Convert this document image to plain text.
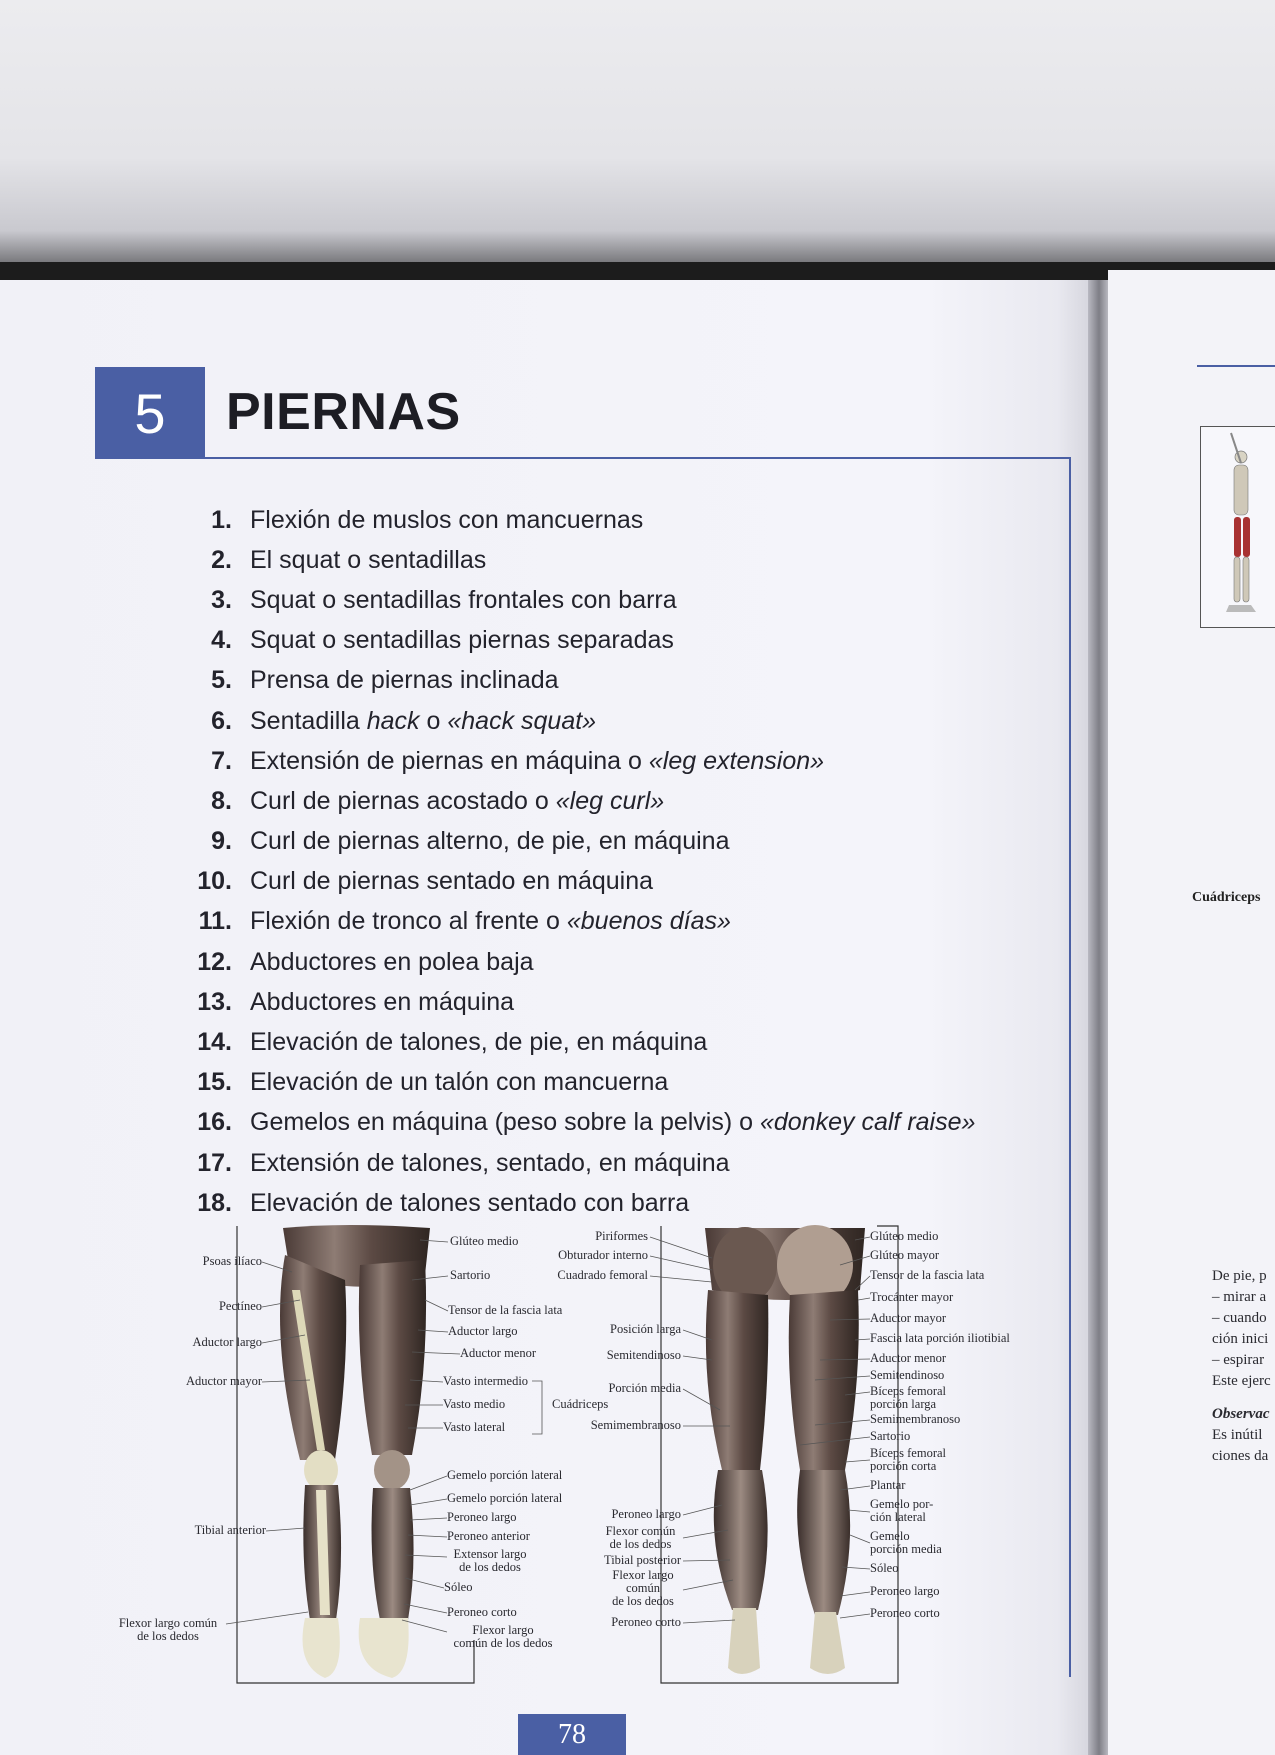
5	PIERNAS
1. Flexión de muslos con mancuernas
2. El squat o sentadillas
3. Squat o sentadillas frontales con barra
4. Squat o sentadillas piernas separadas
5. Prensa de piernas inclinada
6. Sentadilla hack o «hack squat»
7. Extensión de piernas en máquina o «leg extension»
8. Curl de piernas acostado o «leg curl»
9. Curl de piernas alterno, de pie, en máquina
10. Curl de piernas sentado en máquina
11. Flexión de tronco al frente o «buenos días»
12. Abductores en polea baja
13. Abductores en máquina
14. Elevación de talones, de pie, en máquina
15. Elevación de un talón con mancuerna
16. Gemelos en máquina (peso sobre la pelvis) o «donkey calf raise»
17. Extensión de talones, sentado, en máquina
18. Elevación de talones sentado con barra
Psoas ilíaco
Pectíneo
Aductor largo
Aductor mayor
Tibial anterior
Flexor largo común
de los dedos
Glúteo medio
Sartorio
Tensor de la fascia lata
Aductor largo
Aductor menor
Vasto intermedio
Vasto medio
Vasto lateral
Cuádriceps
Gemelo porción lateral
Gemelo porción lateral
Peroneo largo
Peroneo anterior
Extensor largo
de los dedos
Sóleo
Peroneo corto
Flexor largo
común de los dedos
Piriformes
Obturador interno
Cuadrado femoral
Posición larga
Semitendinoso
Porción media
Semimembranoso
Peroneo largo
Flexor común
de los dedos
Tibial posterior
Flexor largo
común
de los dedos
Peroneo corto
Glúteo medio
Glúteo mayor
Tensor de la fascia lata
Trocánter mayor
Aductor mayor
Fascia lata porción iliotibial
Aductor menor
Semitendinoso
Bíceps femoral
porción larga
Semimembranoso
Sartorio
Bíceps femoral
porción corta
Plantar
Gemelo por-
ción lateral
Gemelo
porción media
Sóleo
Peroneo largo
Peroneo corto
78
Cuádriceps
De pie, p
– mirar a
– cuando
ción inici
– espirar
Este ejerc
Observac
Es inútil
ciones da
